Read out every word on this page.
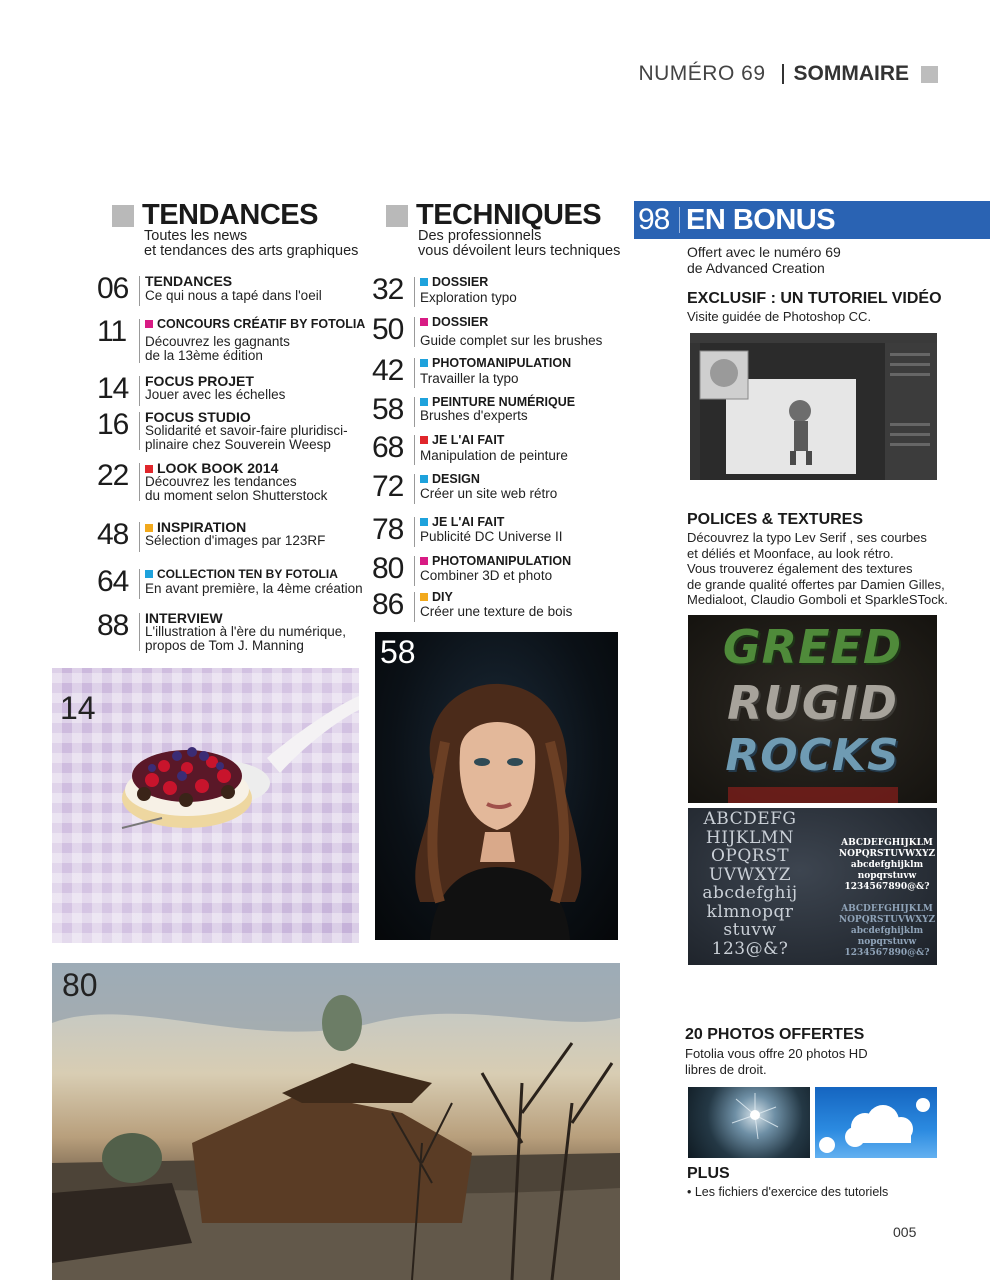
NUMÉRO 69 SOMMAIRE
TENDANCES
Toutes les news
et tendances des arts graphiques
06	TENDANCES
Ce qui nous a tapé dans l'oeil
11	CONCOURS CRÉATIF BY FOTOLIA
Découvrez les gagnants
de la 13ème édition
14	FOCUS PROJET
Jouer avec les échelles
16	FOCUS STUDIO
Solidarité et savoir-faire pluridisci-
plinaire chez Souverein Weesp
22	LOOK BOOK 2014
Découvrez les tendances
du moment selon Shutterstock
48	INSPIRATION
Sélection d'images par 123RF
64	COLLECTION TEN BY FOTOLIA
En avant première, la 4ème création
88	INTERVIEW
L'illustration à l'ère du numérique,
propos de Tom J. Manning
TECHNIQUES
Des professionnels
vous dévoilent leurs techniques
32	DOSSIER
Exploration typo
50	DOSSIER
Guide complet sur les brushes
42	PHOTOMANIPULATION
Travailler la typo
58	PEINTURE NUMÉRIQUE
Brushes d'experts
68	JE L'AI FAIT
Manipulation de peinture
72	DESIGN
Créer un site web rétro
78	JE L'AI FAIT
Publicité DC Universe II
80	PHOTOMANIPULATION
Combiner 3D et photo
86	DIY
Créer une texture de bois
14
58
80
98 EN BONUS
Offert avec le numéro 69
de Advanced Creation
EXCLUSIF : UN TUTORIEL VIDÉO
Visite guidée de Photoshop CC.
POLICES & TEXTURES
Découvrez la typo Lev Serif , ses courbes
et déliés et Moonface, au look rétro.
Vous trouverez également des textures
de grande qualité offertes par Damien Gilles,
Medialoot, Claudio Gomboli et SparkleSTock.
GREED
RUGID
ROCKS
ABCDEFG
HIJKLMN
OPQRST
UVWXYZ
abcdefghij
klmnopqr
stuvw
123@&?
ABCDEFGHIJKLM
NOPQRSTUVWXYZ
abcdefghijklm
nopqrstuvw
1234567890@&?
ABCDEFGHIJKLM
NOPQRSTUVWXYZ
abcdefghijklm
nopqrstuvw
1234567890@&?
20 PHOTOS OFFERTES
Fotolia vous offre 20 photos HD
libres de droit.
PLUS
• Les fichiers d'exercice des tutoriels
005
